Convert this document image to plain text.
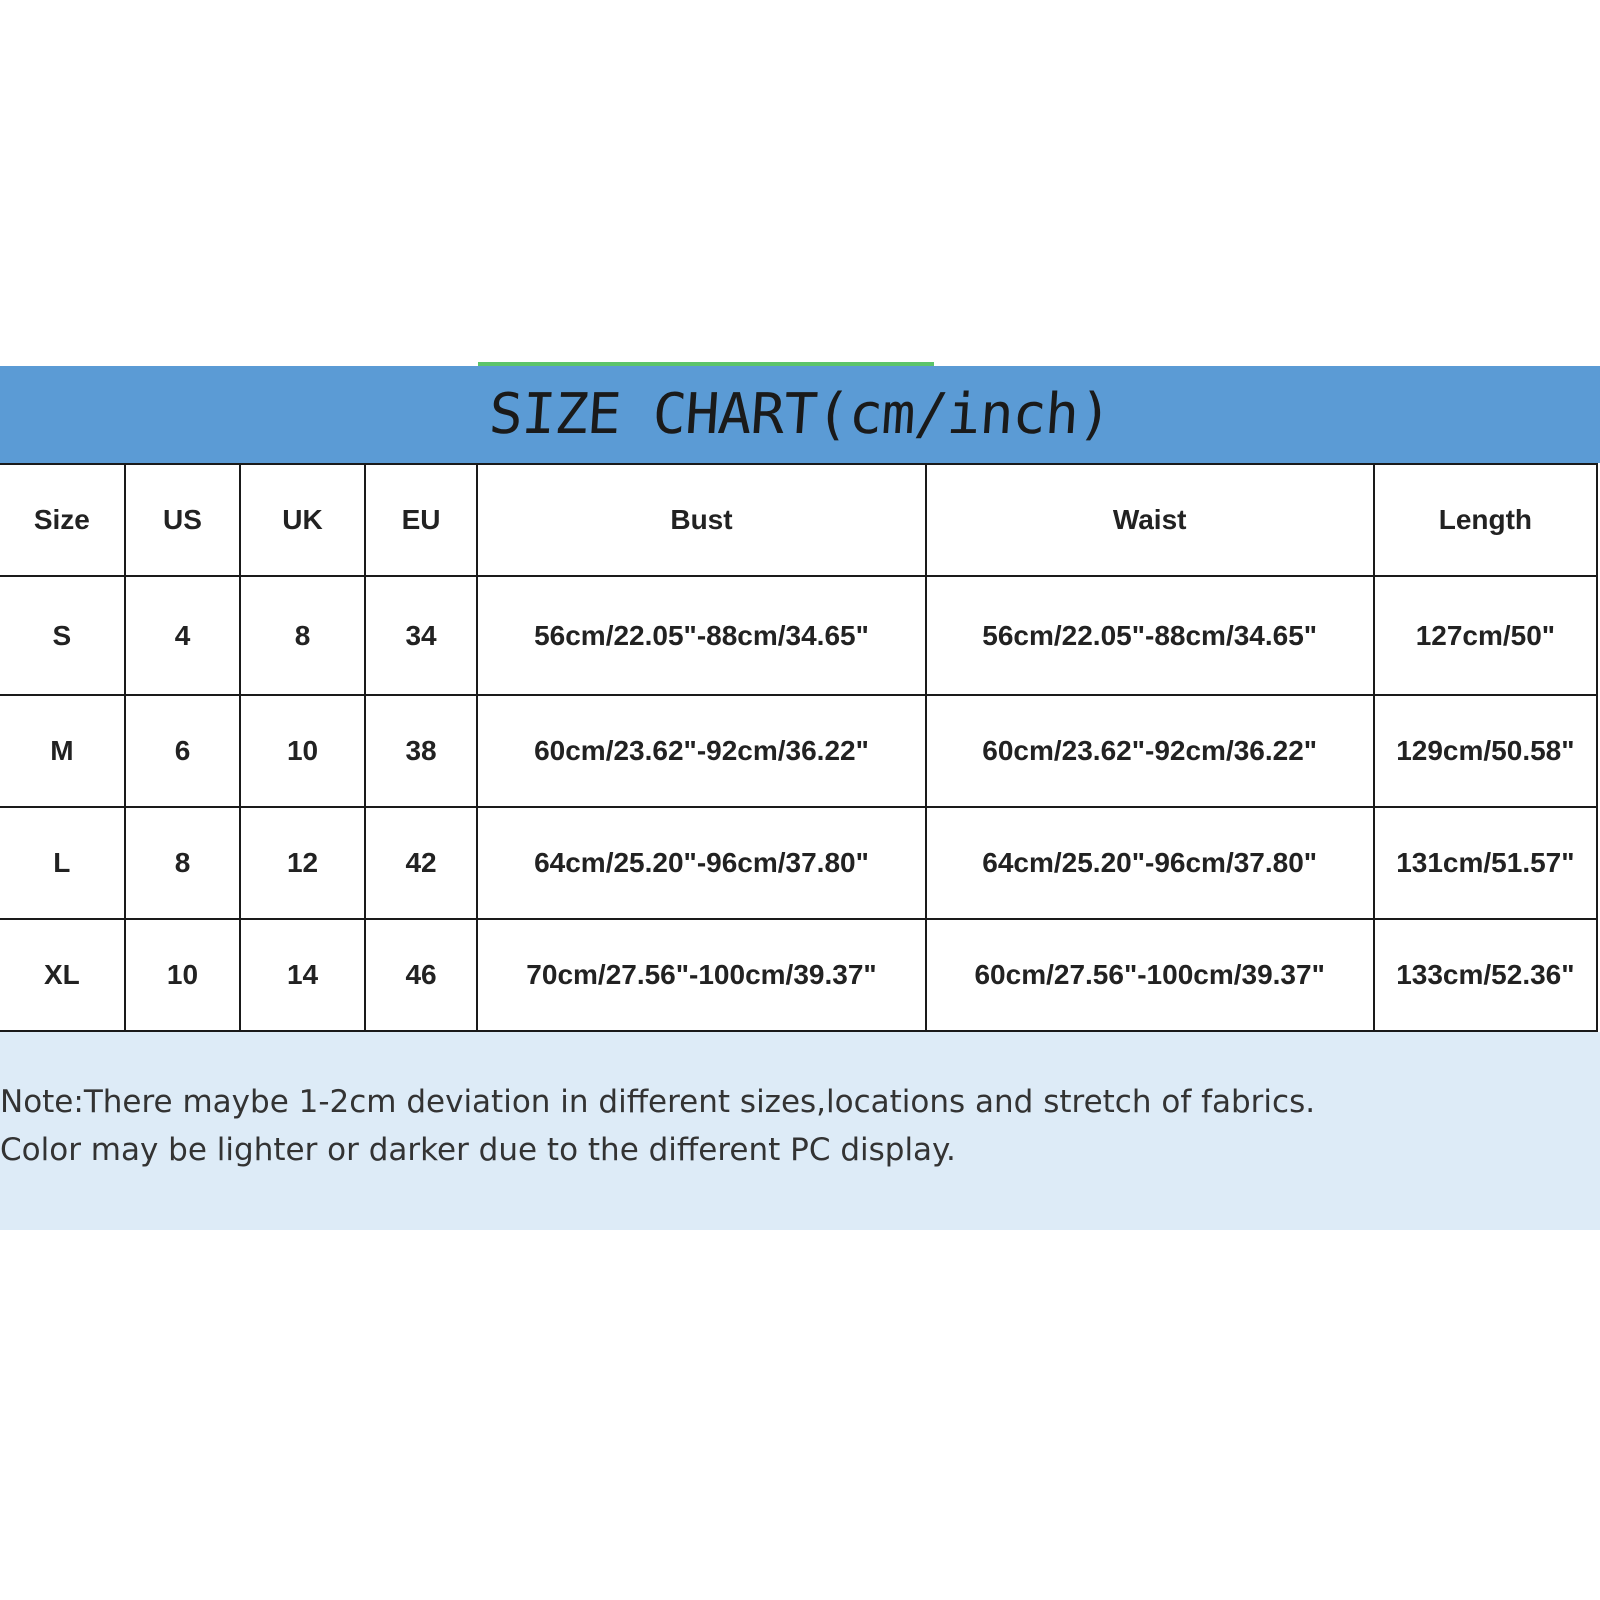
SIZE CHART(cm/inch)
Size	US	UK	EU	Bust	Waist	Length
S	4	8	34	56cm/22.05"-88cm/34.65"	56cm/22.05"-88cm/34.65"	127cm/50"
M	6	10	38	60cm/23.62"-92cm/36.22"	60cm/23.62"-92cm/36.22"	129cm/50.58"
L	8	12	42	64cm/25.20"-96cm/37.80"	64cm/25.20"-96cm/37.80"	131cm/51.57"
XL	10	14	46	70cm/27.56"-100cm/39.37"	60cm/27.56"-100cm/39.37"	133cm/52.36"
Note:There maybe 1-2cm deviation in different sizes,locations and stretch of fabrics.
Color may be lighter or darker due to the different PC display.
